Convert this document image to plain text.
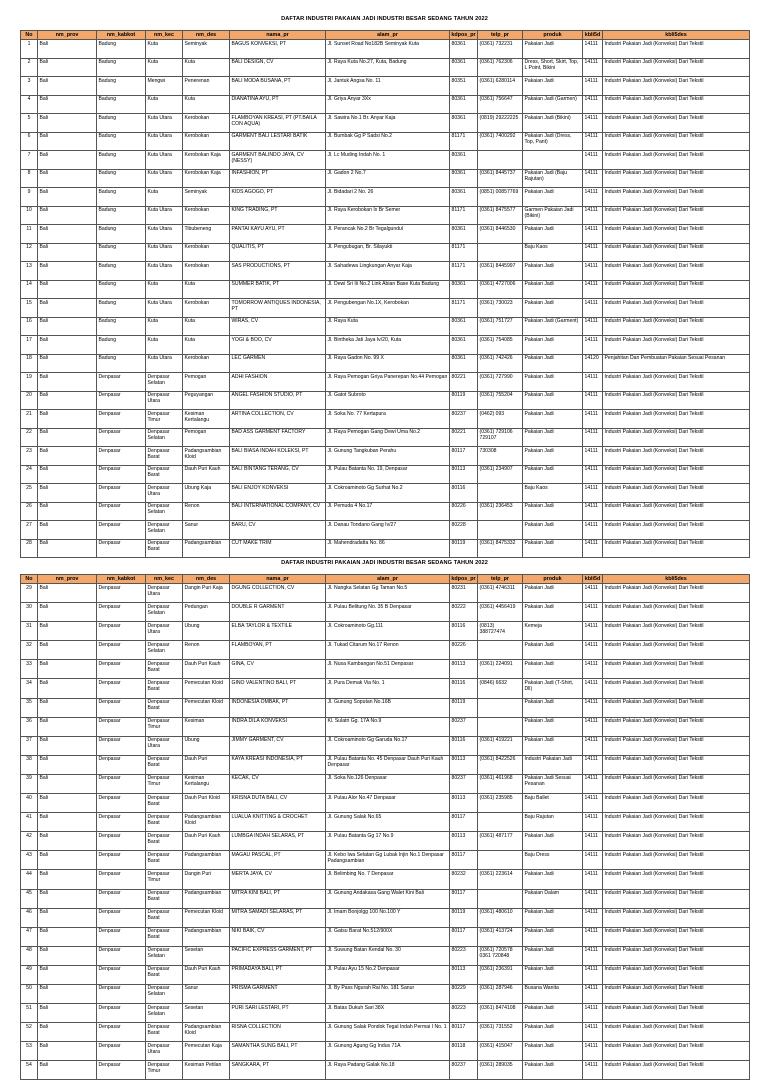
DAFTAR INDUSTRI PAKAIAN JADI INDUSTRI BESAR SEDANG TAHUN 2022
No	nm_prov	nm_kabkot	nm_kec	nm_des	nama_pr	alam_pr	kdpos_pr	telp_pr	produk	kbli5d	kbli5des
1	Bali	Badung	Kuta	Seminyak	BAGUS KONVEKSI, PT	Jl. Sunset Road No182B Seminyak Kuta	80361	(0361) 732231	Pakaian Jadi	14111	Industri Pakaian Jadi (Konveksi) Dari Tekstil
2	Bali	Badung	Kuta	Kuta	BALI DESIGN, CV	Jl. Raya Kuta No.27, Kuta, Badung	80361	(0361) 762306	Dress, Short, Skirt, Top, L Point, Bikini	14111	Industri Pakaian Jadi (Konveksi) Dari Tekstil
3	Bali	Badung	Mengwi	Penerenan	BALI MODA BUSANA, PT	Jl. Jantuk Angsa No. 11	80351	(0361) 6280114	Pakaian Jadi	14111	Industri Pakaian Jadi (Konveksi) Dari Tekstil
4	Bali	Badung	Kuta	Kuta	DIANATINA AYU, PT	Jl. Griya Anyar 3Xx	80361	(0361) 756647	Pakaian Jadi (Garmen)	14111	Industri Pakaian Jadi (Konveksi) Dari Tekstil
5	Bali	Badung	Kuta Utara	Kerobokan	FLAMBOYAN KREASI, PT (PT.BAILA CON AQUA)	Jl. Sawira No.1 Br. Anyar Kaja	80361	(0819) 29222225	Pakaian Jadi (Bikini)	14111	Industri Pakaian Jadi (Konveksi) Dari Tekstil
6	Bali	Badung	Kuta Utara	Kerobokan	GARMENT BALI LESTARI BATIK	Jl. Bumbak Gg P Sadsi No.2	81171	(0361) 7400292	Pakaian Jadi (Dress, Top, Pant)	14111	Industri Pakaian Jadi (Konveksi) Dari Tekstil
7	Bali	Badung	Kuta Utara	Kerobokan Kaja	GARMENT BALINDO JAYA, CV (NESSY)	Jl. Lc Muding Indah No. 1	80361			14111	Industri Pakaian Jadi (Konveksi) Dari Tekstil
8	Bali	Badung	Kuta Utara	Kerobokan Kaja	INFASHION, PT	Jl. Gadon 2 No.7	80361	(0361) 8445737	Pakaian Jadi (Baju Rajutan)	14111	Industri Pakaian Jadi (Konveksi) Dari Tekstil
9	Bali	Badung	Kuta	Seminyak	KIDS AGOGO, PT	Jl. Bidadari 2 No. 26	80361	(0851) 00857769	Pakaian Jadi	14111	Industri Pakaian Jadi (Konveksi) Dari Tekstil
10	Bali	Badung	Kuta Utara	Kerobokan	KING TRADING, PT	Jl. Raya Kerobokan Ix Br Semer	81171	(0361) 8475577	Garmen Pakaian Jadi (Bikini)	14111	Industri Pakaian Jadi (Konveksi) Dari Tekstil
11	Bali	Badung	Kuta Utara	Tibubeneng	PANTAI KAYU AYU, PT	Jl. Perancak No.2 Br Tegalgundul	80361	(0361) 8446530	Pakaian Jadi	14111	Industri Pakaian Jadi (Konveksi) Dari Tekstil
12	Bali	Badung	Kuta Utara	Kerobokan	QUALITIS, PT	Jl. Pengubugan, Br. Silayukti	81171		Baju Kaos	14111	Industri Pakaian Jadi (Konveksi) Dari Tekstil
13	Bali	Badung	Kuta Utara	Kerobokan	SAS PRODUCTIONS, PT	Jl. Sahadewa Lingkungan Anyar Kaja	81171	(0361) 8445997	Pakaian Jadi	14111	Industri Pakaian Jadi (Konveksi) Dari Tekstil
14	Bali	Badung	Kuta	Kuta	SUMMER BATIK, PT	Jl. Dewi Sri Iii No.2 Link Abian Base Kuta Badung	80361	(0361) 4727006	Pakaian Jadi	14111	Industri Pakaian Jadi (Konveksi) Dari Tekstil
15	Bali	Badung	Kuta Utara	Kerobokan	TOMORROW ANTIQUES INDONESIA, PT	Jl. Pengubengan No.1X, Kerobokan	81171	(0361) 730023	Pakaian Jadi	14111	Industri Pakaian Jadi (Konveksi) Dari Tekstil
16	Bali	Badung	Kuta	Kuta	WIRAS, CV	Jl. Raya Kuta	80361	(0361) 751727	Pakaian Jadi (Garment)	14111	Industri Pakaian Jadi (Konveksi) Dari Tekstil
17	Bali	Badung	Kuta	Kuta	YOGI & BOO, CV	Jl. Bintheka Jati Jaya Iv/20, Kuta	80361	(0361) 754085	Pakaian Jadi	14111	Industri Pakaian Jadi (Konveksi) Dari Tekstil
18	Bali	Badung	Kuta Utara	Kerobokan	LEC GARMEN	Jl. Raya Gadon No. 99 X	80361	(0361) 742426	Pakaian Jadi	14120	Penjahitan Dan Pembuatan Pakaian Sesuai Pesanan
19	Bali	Denpasar	Denpasar Selatan	Pemogan	ADHI FASHION	Jl. Raya Pemogan Griya Panerepan No.44 Pemogan	80221	(0361) 727990	Pakaian Jadi	14111	Industri Pakaian Jadi (Konveksi) Dari Tekstil
20	Bali	Denpasar	Denpasar Utara	Peguyangan	ANGEL FASHION STUDIO, PT	Jl. Gatot Subroto	80119	(0361) 755204	Pakaian Jadi	14111	Industri Pakaian Jadi (Konveksi) Dari Tekstil
21	Bali	Denpasar	Denpasar Timur	Kesiman Kertalangu	ARTINA COLLECTION, CV	Jl. Soka No. 77 Kertapura	80237	(0462) 093	Pakaian Jadi	14111	Industri Pakaian Jadi (Konveksi) Dari Tekstil
22	Bali	Denpasar	Denpasar Selatan	Pemogan	BAD ASS GARMENT FACTORY	Jl. Raya Pemogan Gang Dewi Uma No.2	80221	(0361) 729106 729107	Pakaian Jadi	14111	Industri Pakaian Jadi (Konveksi) Dari Tekstil
23	Bali	Denpasar	Denpasar Barat	Padangsambian Kloid	BALI BIASA INDAH KOLEKSI, PT	Jl. Gunung Tangkuban Perahu	80117	730308	Pakaian Jadi	14111	Industri Pakaian Jadi (Konveksi) Dari Tekstil
24	Bali	Denpasar	Denpasar Barat	Dauh Puri Kauh	BALI BINTANG TERANG, CV	Jl. Pulau Batanta No. 19, Denpasar	80113	(0361) 234907	Pakaian Jadi	14111	Industri Pakaian Jadi (Konveksi) Dari Tekstil
25	Bali	Denpasar	Denpasar Utara	Ubung Kaja	BALI ENJOY KONVEKSI	Jl. Cokroaminoto Gg Surhat No.2	80116		Baju Kaos	14111	Industri Pakaian Jadi (Konveksi) Dari Tekstil
26	Bali	Denpasar	Denpasar Selatan	Renon	BALI INTERNATIONAL COMPANY, CV	Jl. Pemuda 4 No.17	80226	(0361) 236453	Pakaian Jadi	14111	Industri Pakaian Jadi (Konveksi) Dari Tekstil
27	Bali	Denpasar	Denpasar Selatan	Sanur	BARU, CV	Jl. Danau Tondano Gang Iv/27	80228		Pakaian Jadi	14111	Industri Pakaian Jadi (Konveksi) Dari Tekstil
28	Bali	Denpasar	Denpasar Barat	Padangsambian	CUT MAKE TRIM	Jl. Mahendradatta No. 86	80119	(0361) 8475332	Pakaian Jadi	14111	Industri Pakaian Jadi (Konveksi) Dari Tekstil
DAFTAR INDUSTRI PAKAIAN JADI INDUSTRI BESAR SEDANG TAHUN 2022
No	nm_prov	nm_kabkot	nm_kec	nm_des	nama_pr	alam_pr	kdpos_pr	telp_pr	produk	kbli5d	kbli5des
29	Bali	Denpasar	Denpasar Utara	Dangin Puri Kaja	DGUNG COLLECTION, CV	Jl. Nangka Selatan Gg Taman No.5	80231	(0361) 4746311	Pakaian Jadi	14111	Industri Pakaian Jadi (Konveksi) Dari Tekstil
30	Bali	Denpasar	Denpasar Selatan	Pedungan	DOUBLE R GARMENT	Jl. Pulau Belitung No. 35 B Denpasar	80222	(0361) 4456419	Pakaian Jadi	14111	Industri Pakaian Jadi (Konveksi) Dari Tekstil
31	Bali	Denpasar	Denpasar Utara	Ubung	ELBA TAYLOR & TEXTILE	Jl. Cokroaminoto Gg.111	80116	(0813) 388727474	Kemeja	14111	Industri Pakaian Jadi (Konveksi) Dari Tekstil
32	Bali	Denpasar	Denpasar Selatan	Renon	FLAMBOYAN, PT	Jl. Tukad Citarum No.17 Renon	80226		Pakaian Jadi	14111	Industri Pakaian Jadi (Konveksi) Dari Tekstil
33	Bali	Denpasar	Denpasar Barat	Dauh Puri Kauh	GINA, CV	Jl. Nusa Kambangan No.51 Denpasar	80113	(0361) 224091	Pakaian Jadi	14111	Industri Pakaian Jadi (Konveksi) Dari Tekstil
34	Bali	Denpasar	Denpasar Barat	Pemecutan Kloid	GINO VALENTINO BALI, PT	Jl. Pura Demak Via No. 1	80116	(0846) 6632	Pakaian Jadi (T-Shirt, Dll)	14111	Industri Pakaian Jadi (Konveksi) Dari Tekstil
35	Bali	Denpasar	Denpasar Barat	Pemecutan Kloid	INDONESIA OMBAK, PT	Jl. Gunung Soputan No.16B	80119		Pakaian Jadi	14111	Industri Pakaian Jadi (Konveksi) Dari Tekstil
36	Bali	Denpasar	Denpasar Timur	Kesiman	INDRA DILA KONVEKSI	Kl. Sulatri Gg. 17A No.9	80237		Pakaian Jadi	14111	Industri Pakaian Jadi (Konveksi) Dari Tekstil
37	Bali	Denpasar	Denpasar Utara	Ubung	JIMMY GARMENT, CV	Jl. Cokroaminoto Gg Garuda No.17	80116	(0361) 419221	Pakaian Jadi	14111	Industri Pakaian Jadi (Konveksi) Dari Tekstil
38	Bali	Denpasar	Denpasar Barat	Dauh Puri	KAYA KREASI INDONESIA, PT	Jl. Pulau Batanta No. 45 Denpasar Dauh Puri Kauh Denpasar	80113	(0361) 8422526	Industri Pakaian Jadi	14111	Industri Pakaian Jadi (Konveksi) Dari Tekstil
39	Bali	Denpasar	Denpasar Timur	Kesiman Kertalangu	KECAK, CV	Jl. Soka No.126 Denpasar	80237	(0361) 461968	Pakaian Jadi Sesuai Pesanan	14111	Industri Pakaian Jadi (Konveksi) Dari Tekstil
40	Bali	Denpasar	Denpasar Barat	Dauh Puri Kloid	KRISNA DUTA BALI, CV	Jl. Pulau Alor No.47 Denpasar	80113	(0361) 235985	Baju Ballet	14111	Industri Pakaian Jadi (Konveksi) Dari Tekstil
41	Bali	Denpasar	Denpasar Barat	Padangsambian Kloid	LUALUA KNITTING & CROCHET	Jl. Gunung Salak No.65	80117		Baju Rajutan	14111	Industri Pakaian Jadi (Konveksi) Dari Tekstil
42	Bali	Denpasar	Denpasar Barat	Dauh Puri Kauh	LUMBGA INDAH SELARAS, PT	Jl. Pulau Batanta Gg 17 No.9	80113	(0361) 487177	Pakaian Jadi	14111	Industri Pakaian Jadi (Konveksi) Dari Tekstil
43	Bali	Denpasar	Denpasar Barat	Padangsambian	MAGAU PASCAL, PT	Jl. Kebo Iwa Selatan Gg Lubak Injin No.1 Denpasar Padangsambian	80117		Baju Dress	14111	Industri Pakaian Jadi (Konveksi) Dari Tekstil
44	Bali	Denpasar	Denpasar Timur	Dangin Puri	MERTA JAYA, CV	Jl. Belimbing No. 7 Denpasar	80232	(0361) 223614	Pakaian Jadi	14111	Industri Pakaian Jadi (Konveksi) Dari Tekstil
45	Bali	Denpasar	Denpasar Barat	Padangsambian	MITRA KINI BALI, PT	Jl. Gunung Andakasa Gang Walet Kini Bali	80117		Pakaian Dalam	14111	Industri Pakaian Jadi (Konveksi) Dari Tekstil
46	Bali	Denpasar	Denpasar Barat	Pemecutan Kloid	MITRA SAMADI SELARAS, PT	Jl. Imam Bonjolgg 100 No.100 Y	80119	(0361) 480610	Pakaian Jadi	14111	Industri Pakaian Jadi (Konveksi) Dari Tekstil
47	Bali	Denpasar	Denpasar Barat	Padangsambian	NIKI BAIK, CV	Jl. Gatsu Barat No.512/900X	80117	(0361) 413724	Pakaian Jadi	14111	Industri Pakaian Jadi (Konveksi) Dari Tekstil
48	Bali	Denpasar	Denpasar Selatan	Sesetan	PACIFIC EXPRESS GARMENT, PT	Jl. Suwung Batan Kendal No. 30	80223	(0361) 720578 0361 720848	Pakaian Jadi	14111	Industri Pakaian Jadi (Konveksi) Dari Tekstil
49	Bali	Denpasar	Denpasar Barat	Dauh Puri Kauh	PRIMADAYA BALI, PT	Jl. Pulau Ayu 15 No.2 Denpasar	80113	(0361) 236391	Pakaian Jadi	14111	Industri Pakaian Jadi (Konveksi) Dari Tekstil
50	Bali	Denpasar	Denpasar Selatan	Sanur	PRISMA GARMENT	Jl. By Pass Ngurah Rai No. 181 Sanur	80229	(0361) 287946	Busana Wanita	14111	Industri Pakaian Jadi (Konveksi) Dari Tekstil
51	Bali	Denpasar	Denpasar Selatan	Sesetan	PURI SARI LESTARI, PT	Jl. Batas Dukuh Sari 38X	80223	(0361) 8474108	Pakaian Jadi	14111	Industri Pakaian Jadi (Konveksi) Dari Tekstil
52	Bali	Denpasar	Denpasar Barat	Padangsambian Kloid	RISNA COLLECTION	Jl. Gunung Salak Pondok Tegal Indah Permai I No. 1	80117	(0361) 731552	Pakaian Jadi	14111	Industri Pakaian Jadi (Konveksi) Dari Tekstil
53	Bali	Denpasar	Denpasar Utara	Pemecutan Kaja	SAMANTHA SUNG BALI, PT	Jl. Gunung Agung Gg Indus 71A	80118	(0361) 415047	Pakaian Jadi	14111	Industri Pakaian Jadi (Konveksi) Dari Tekstil
54	Bali	Denpasar	Denpasar Timur	Kesiman Petilan	SANGKARA, PT	Jl. Raya Padang Galak No.18	80237	(0361) 289035	Pakaian Jadi	14111	Industri Pakaian Jadi (Konveksi) Dari Tekstil
